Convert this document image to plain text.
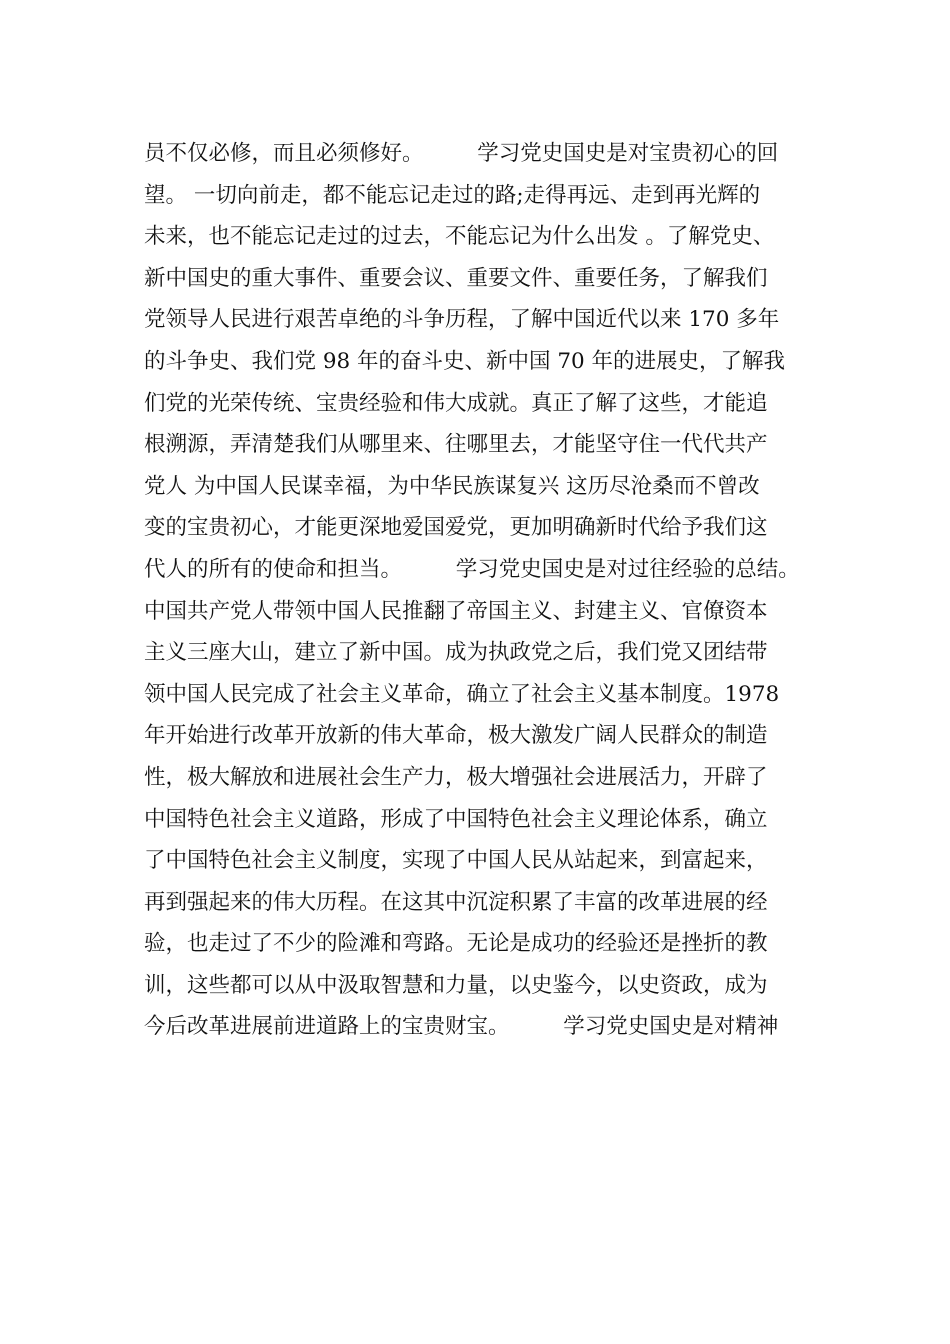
员不仅必修，而且必须修好。　　　学习党史国史是对宝贵初心的回
望。 一切向前走，都不能忘记走过的路;走得再远、走到再光辉的
未来，也不能忘记走过的过去，不能忘记为什么出发 。了解党史、
新中国史的重大事件、重要会议、重要文件、重要任务，了解我们
党领导人民进行艰苦卓绝的斗争历程，了解中国近代以来 170 多年
的斗争史、我们党 98 年的奋斗史、新中国 70 年的进展史，了解我
们党的光荣传统、宝贵经验和伟大成就。真正了解了这些，才能追
根溯源，弄清楚我们从哪里来、往哪里去，才能坚守住一代代共产
党人 为中国人民谋幸福，为中华民族谋复兴 这历尽沧桑而不曾改
变的宝贵初心，才能更深地爱国爱党，更加明确新时代给予我们这
代人的所有的使命和担当。　　　学习党史国史是对过往经验的总结。
中国共产党人带领中国人民推翻了帝国主义、封建主义、官僚资本
主义三座大山，建立了新中国。成为执政党之后，我们党又团结带
领中国人民完成了社会主义革命，确立了社会主义基本制度。1978
年开始进行改革开放新的伟大革命，极大激发广阔人民群众的制造
性，极大解放和进展社会生产力，极大增强社会进展活力，开辟了
中国特色社会主义道路，形成了中国特色社会主义理论体系，确立
了中国特色社会主义制度，实现了中国人民从站起来，到富起来，
再到强起来的伟大历程。在这其中沉淀积累了丰富的改革进展的经
验，也走过了不少的险滩和弯路。无论是成功的经验还是挫折的教
训，这些都可以从中汲取智慧和力量，以史鉴今，以史资政，成为
今后改革进展前进道路上的宝贵财宝。　　　学习党史国史是对精神
